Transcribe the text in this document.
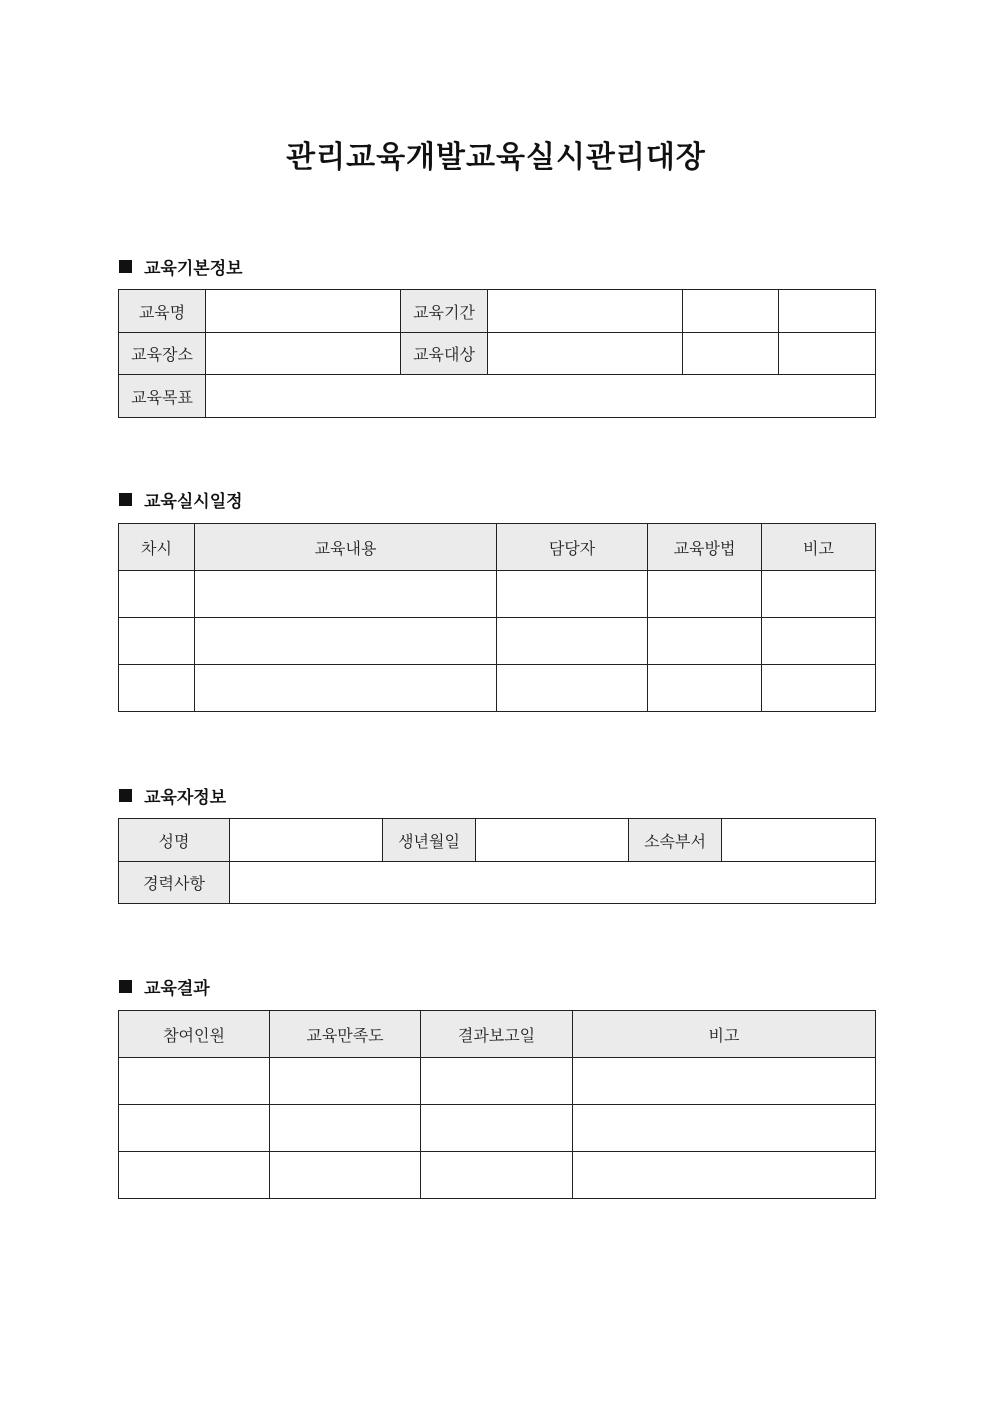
관리교육개발교육실시관리대장
교육기본정보
교육명		교육기간			
교육장소		교육대상			
교육목표					
교육실시일정
차시	교육내용	담당자	교육방법	비고

교육자정보
성명		생년월일		소속부서	
경력사항					
교육결과
참여인원	교육만족도	결과보고일	비고
